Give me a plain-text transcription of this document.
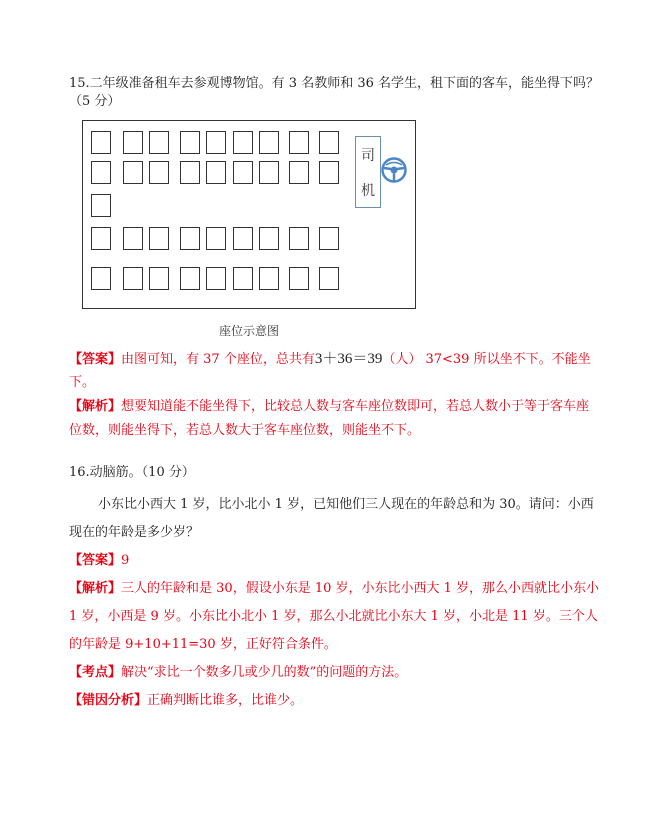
15.二年级准备租车去参观博物馆。有 3 名教师和 36 名学生，租下面的客车，能坐得下吗？
（5 分）
司
机
座位示意图
【答案】由图可知，有 37 个座位，总共有3＋36＝39（人） 37<39 所以坐不下。不能坐
下。
【解析】想要知道能不能坐得下，比较总人数与客车座位数即可，若总人数小于等于客车座
位数，则能坐得下，若总人数大于客车座位数，则能坐不下。
16.动脑筋。（10 分）
小东比小西大 1 岁，比小北小 1 岁，已知他们三人现在的年龄总和为 30。请问：小西
现在的年龄是多少岁？
【答案】9
【解析】三人的年龄和是 30，假设小东是 10 岁，小东比小西大 1 岁，那么小西就比小东小
1 岁，小西是 9 岁。小东比小北小 1 岁，那么小北就比小东大 1 岁，小北是 11 岁。三个人
的年龄是 9+10+11=30 岁，正好符合条件。
【考点】解决“求比一个数多几或少几的数”的问题的方法。
【错因分析】正确判断比谁多，比谁少。
